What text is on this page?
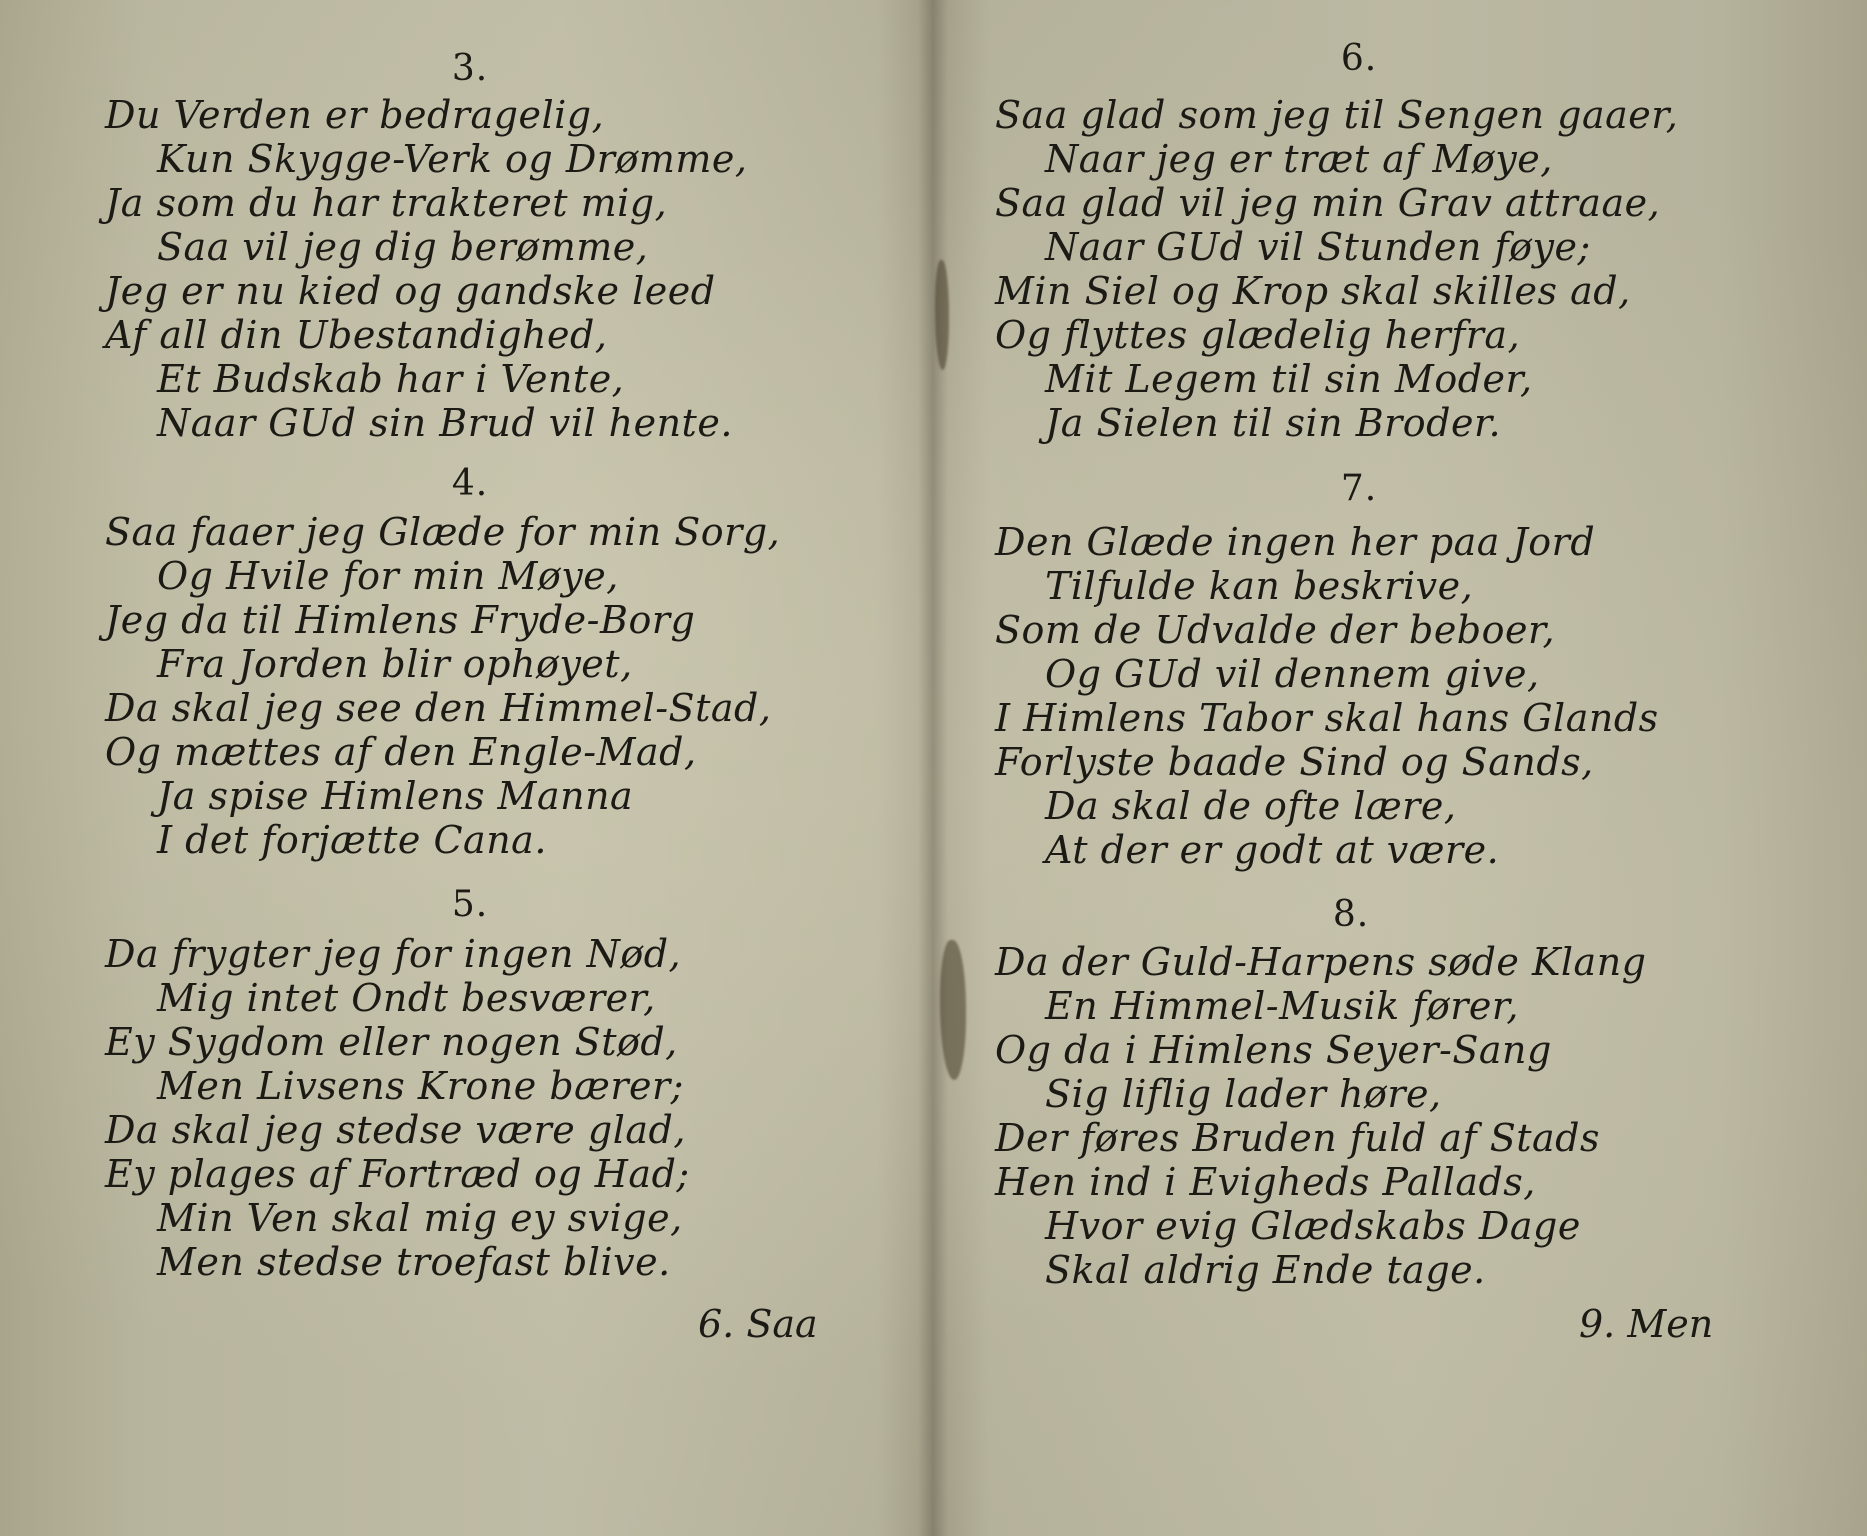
3.
Du Verden er bedragelig,
Kun Skygge-Verk og Drømme,
Ja som du har trakteret mig,
Saa vil jeg dig berømme,
Jeg er nu kied og gandske leed
Af all din Ubestandighed,
Et Budskab har i Vente,
Naar GUd sin Brud vil hente.
4.
Saa faaer jeg Glæde for min Sorg,
Og Hvile for min Møye,
Jeg da til Himlens Fryde-Borg
Fra Jorden blir ophøyet,
Da skal jeg see den Himmel-Stad,
Og mættes af den Engle-Mad,
Ja spise Himlens Manna
I det forjætte Cana.
5.
Da frygter jeg for ingen Nød,
Mig intet Ondt besværer,
Ey Sygdom eller nogen Stød,
Men Livsens Krone bærer;
Da skal jeg stedse være glad,
Ey plages af Fortræd og Had;
Min Ven skal mig ey svige,
Men stedse troefast blive.
6. Saa
6.
Saa glad som jeg til Sengen gaaer,
Naar jeg er træt af Møye,
Saa glad vil jeg min Grav attraae,
Naar GUd vil Stunden føye;
Min Siel og Krop skal skilles ad,
Og flyttes glædelig herfra,
Mit Legem til sin Moder,
Ja Sielen til sin Broder.
7.
Den Glæde ingen her paa Jord
Tilfulde kan beskrive,
Som de Udvalde der beboer,
Og GUd vil dennem give,
I Himlens Tabor skal hans Glands
Forlyste baade Sind og Sands,
Da skal de ofte lære,
At der er godt at være.
8.
Da der Guld-Harpens søde Klang
En Himmel-Musik fører,
Og da i Himlens Seyer-Sang
Sig liflig lader høre,
Der føres Bruden fuld af Stads
Hen ind i Evigheds Pallads,
Hvor evig Glædskabs Dage
Skal aldrig Ende tage.
9. Men
